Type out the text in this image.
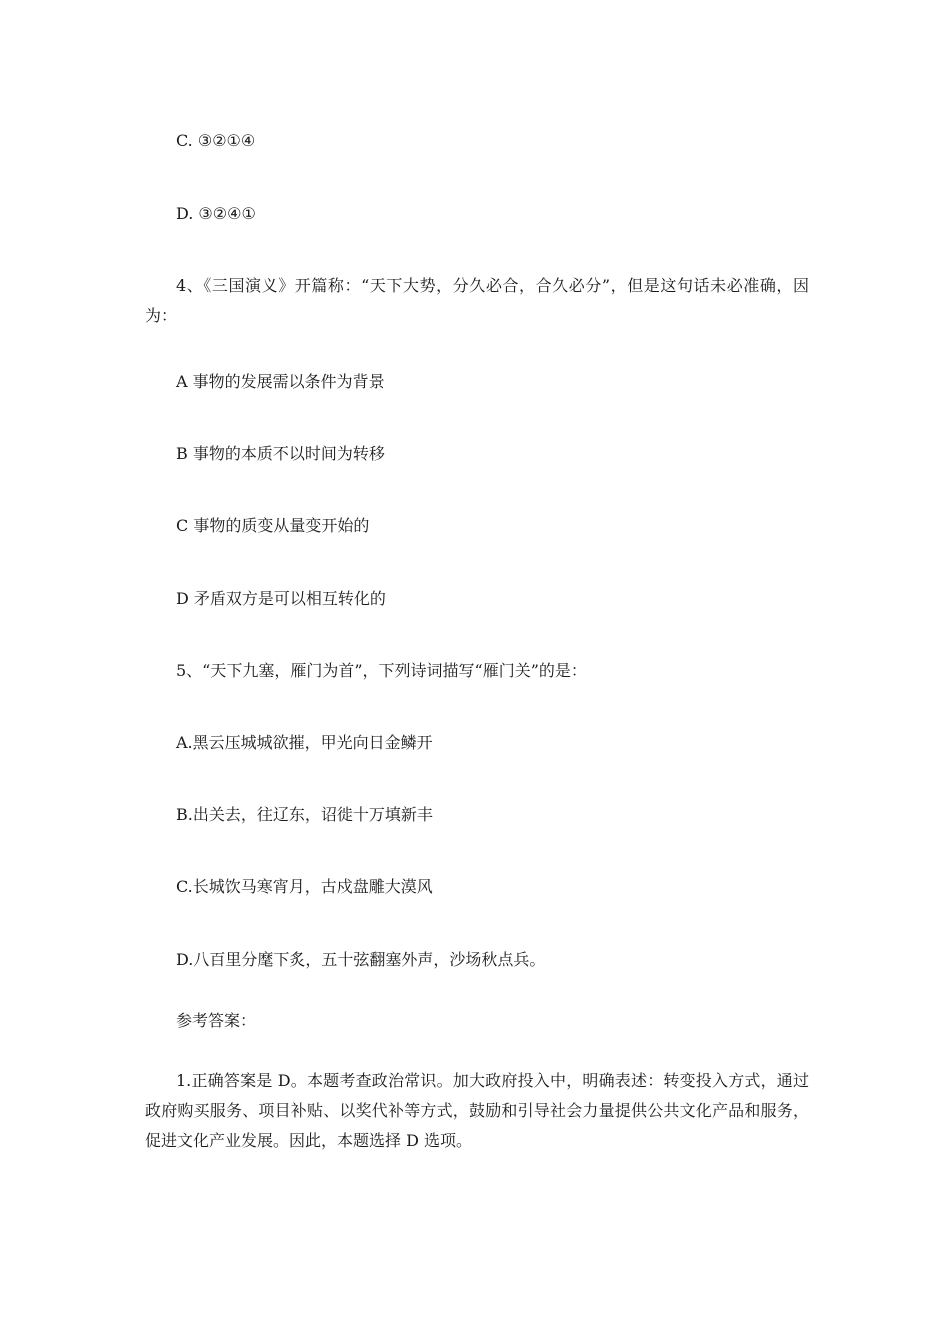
C. ③②①④
D. ③②④①
4、《三国演义》开篇称：“天下大势，分久必合，合久必分”，但是这句话未必准确，因为：
A 事物的发展需以条件为背景
B 事物的本质不以时间为转移
C 事物的质变从量变开始的
D 矛盾双方是可以相互转化的
5、“天下九塞，雁门为首”，下列诗词描写“雁门关”的是：
A.黑云压城城欲摧，甲光向日金鳞开
B.出关去，往辽东，诏徙十万填新丰
C.长城饮马寒宵月，古戍盘雕大漠风
D.八百里分麾下炙，五十弦翻塞外声，沙场秋点兵。
参考答案：
1.正确答案是 D。本题考查政治常识。加大政府投入中，明确表述：转变投入方式，通过政府购买服务、项目补贴、以奖代补等方式，鼓励和引导社会力量提供公共文化产品和服务，促进文化产业发展。因此，本题选择 D 选项。
